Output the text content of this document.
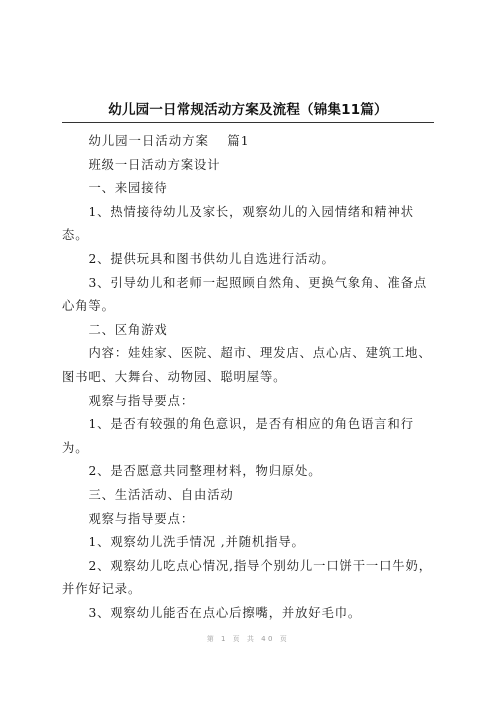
幼儿园一日常规活动方案及流程（锦集11篇）

幼儿园一日活动方案　 篇1

班级一日活动方案设计

一、来园接待

1、热情接待幼儿及家长，观察幼儿的入园情绪和精神状态。

2、提供玩具和图书供幼儿自选进行活动。

3、引导幼儿和老师一起照顾自然角、更换气象角、准备点心角等。

二、区角游戏

内容：娃娃家、医院、超市、理发店、点心店、建筑工地、图书吧、大舞台、动物园、聪明屋等。

观察与指导要点：

1、是否有较强的角色意识，是否有相应的角色语言和行为。

2、是否愿意共同整理材料，物归原处。

三、生活活动、自由活动

观察与指导要点：

1、观察幼儿洗手情况 ,并随机指导。

2、观察幼儿吃点心情况,指导个别幼儿一口饼干一口牛奶，并作好记录。

3、观察幼儿能否在点心后擦嘴，并放好毛巾。

第 1 页 共 40 页
